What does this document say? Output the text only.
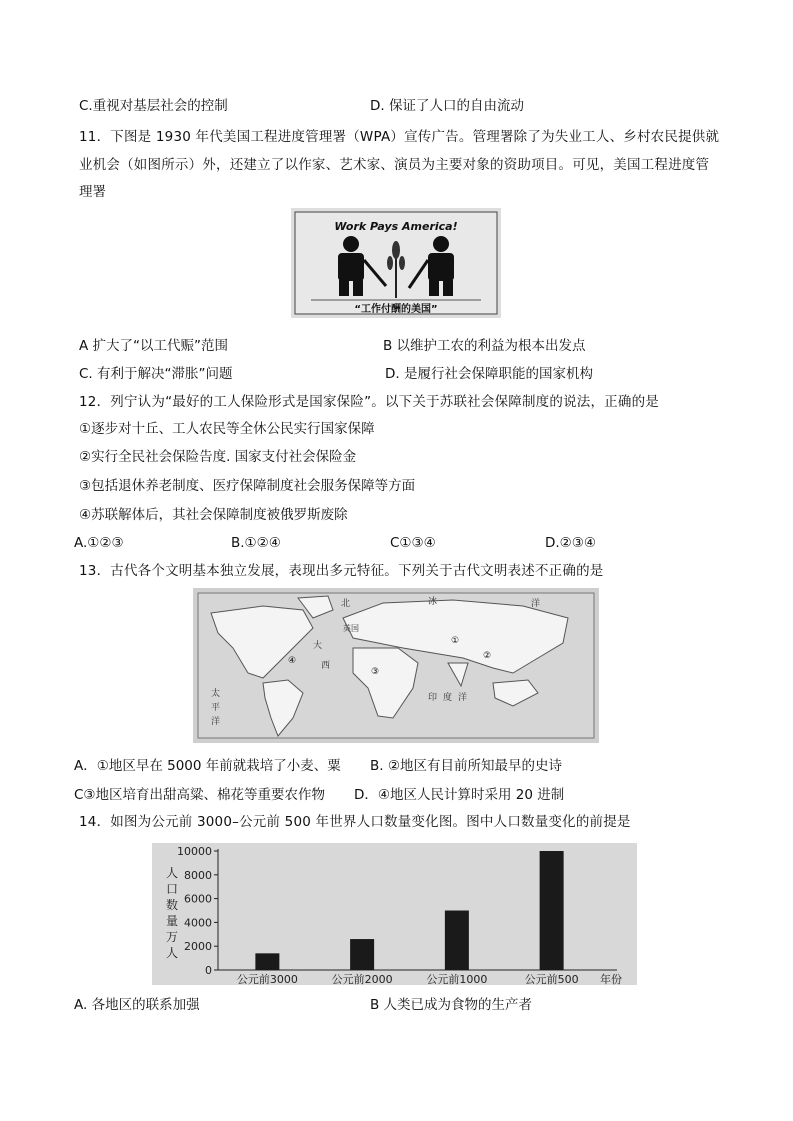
C.重视对基层社会的控制	D. 保证了人口的自由流动
11．下图是 1930 年代美国工程进度管理署（WPA）宣传广告。管理署除了为失业工人、乡村农民提供就
业机会（如图所示）外，还建立了以作家、艺术家、演员为主要对象的资助项目。可见，美国工程进度管
理署
Work Pays America!
“工作付酬的美国”
A 扩大了“以工代赈”范围	B 以维护工农的利益为根本出发点
C. 有利于解决“滞胀”问题	D. 是履行社会保障职能的国家机构
12．列宁认为“最好的工人保险形式是国家保险”。以下关于苏联社会保障制度的说法，正确的是
①逐步对十丘、工人农民等全休公民实行国家保障
②实行全民社会保险告度. 国家支付社会保险金
③包括退休养老制度、医疗保障制度社会服务保障等方面
④苏联解体后，其社会保障制度被俄罗斯废除
A.①②③	B.①②④	C①③④	D.②③④
13．古代各个文明基本独立发展，表现出多元特征。下列关于古代文明表述不正确的是
北	冰	洋
大
西
英国
印 度 洋
太
平
洋
③
②
①
④
A．①地区早在 5000 年前就栽培了小麦、粟 B. ②地区有目前所知最早的史诗
C③地区培育出甜高粱、棉花等重要农作物 D．④地区人民计算时采用 20 进制
14．如图为公元前 3000–公元前 500 年世界人口数量变化图。图中人口数量变化的前提是
人
口
数
量
万
人
0
2000
4000
6000
8000
10000
公元前3000	公元前2000	公元前1000	公元前500 年份
A. 各地区的联系加强	B 人类已成为食物的生产者
